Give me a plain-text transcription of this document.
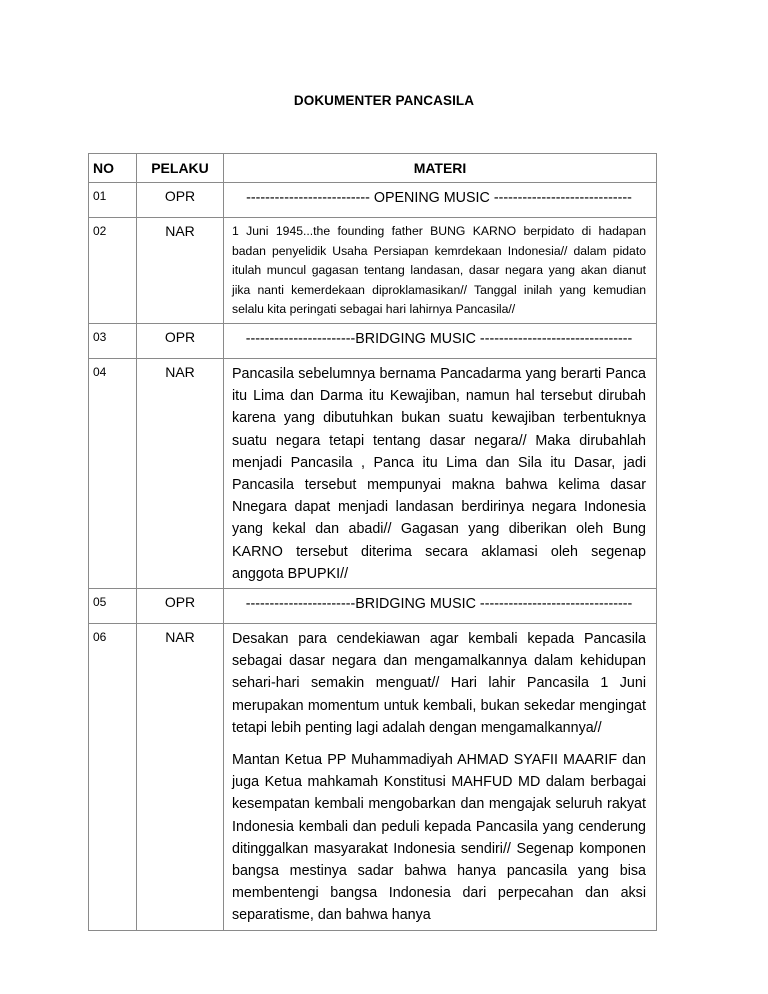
DOKUMENTER PANCASILA
NO	PELAKU	MATERI
01	OPR	-------------------------- OPENING MUSIC -----------------------------
02	NAR	1 Juni 1945...the founding father BUNG KARNO berpidato di hadapan badan penyelidik Usaha Persiapan kemrdekaan Indonesia// dalam pidato itulah muncul gagasan tentang landasan, dasar negara yang akan dianut jika nanti kemerdekaan diproklamasikan// Tanggal inilah yang kemudian selalu kita peringati sebagai hari lahirnya Pancasila//
03	OPR	-----------------------BRIDGING MUSIC --------------------------------
04	NAR	Pancasila sebelumnya bernama Pancadarma yang berarti Panca itu Lima dan Darma itu Kewajiban, namun hal tersebut dirubah karena yang dibutuhkan bukan suatu kewajiban terbentuknya suatu negara tetapi tentang dasar negara// Maka dirubahlah menjadi Pancasila , Panca itu Lima dan Sila itu Dasar, jadi Pancasila tersebut mempunyai makna bahwa kelima dasar Nnegara dapat menjadi landasan berdirinya negara Indonesia yang kekal dan abadi// Gagasan yang diberikan oleh Bung KARNO tersebut diterima secara aklamasi oleh segenap anggota BPUPKI//
05	OPR	-----------------------BRIDGING MUSIC --------------------------------
06	NAR	Desakan para cendekiawan agar kembali kepada Pancasila sebagai dasar negara dan mengamalkannya dalam kehidupan sehari-hari semakin menguat// Hari lahir Pancasila 1 Juni merupakan momentum untuk kembali, bukan sekedar mengingat tetapi lebih penting lagi adalah dengan mengamalkannya//
Mantan Ketua PP Muhammadiyah AHMAD SYAFII MAARIF dan juga Ketua mahkamah Konstitusi MAHFUD MD dalam berbagai kesempatan kembali mengobarkan dan mengajak seluruh rakyat Indonesia kembali dan peduli kepada Pancasila yang cenderung ditinggalkan masyarakat Indonesia sendiri// Segenap komponen bangsa mestinya sadar bahwa hanya pancasila yang bisa membentengi bangsa Indonesia dari perpecahan dan aksi separatisme, dan bahwa hanya
